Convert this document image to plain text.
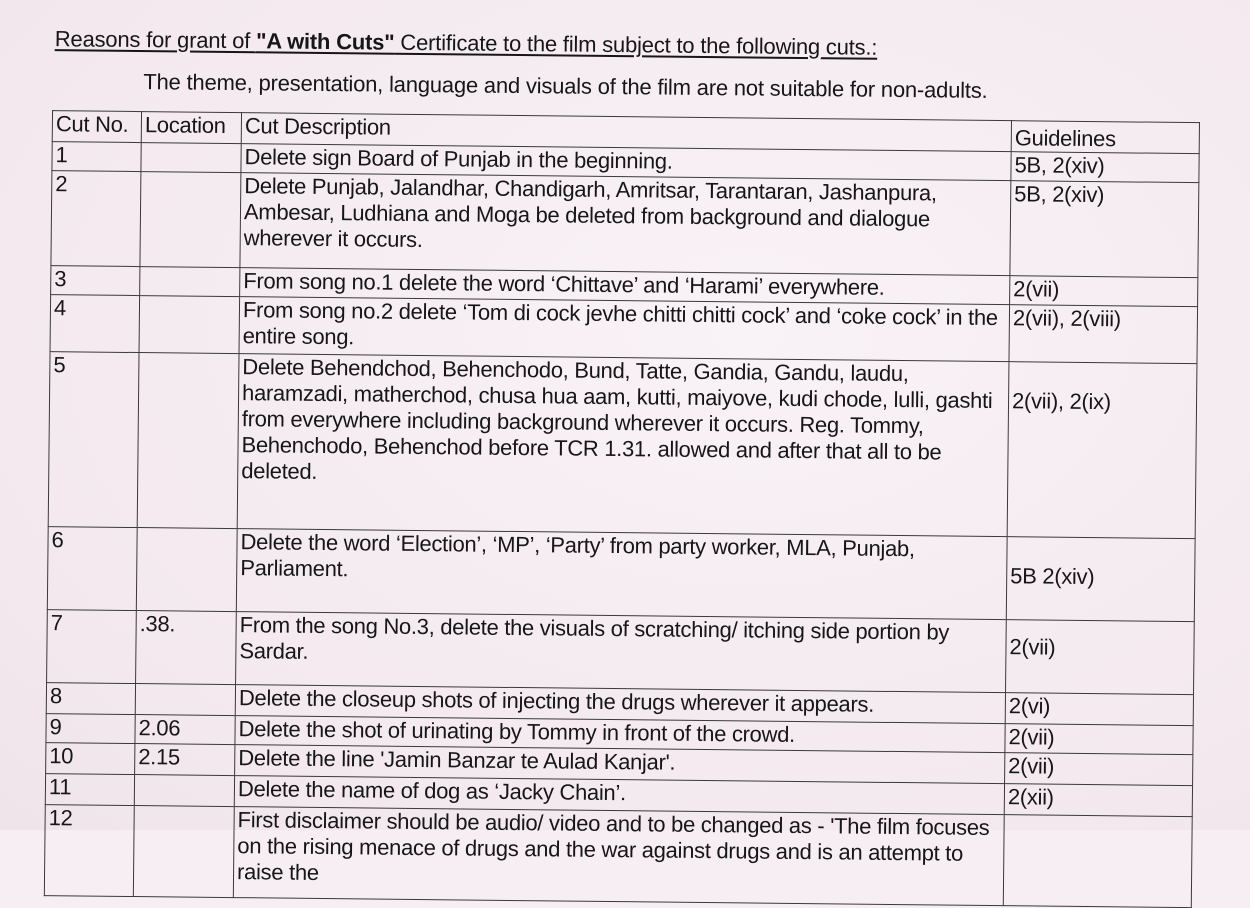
Reasons for grant of "A with Cuts" Certificate to the film subject to the following cuts.:
The theme, presentation, language and visuals of the film are not suitable for non-adults.
Cut No.	Location	Cut Description	Guidelines
1		Delete sign Board of Punjab in the beginning.	5B, 2(xiv)
2		Delete Punjab, Jalandhar, Chandigarh, Amritsar, Tarantaran, Jashanpura, Ambesar, Ludhiana and Moga be deleted from background and dialogue wherever it occurs.	5B, 2(xiv)
3		From song no.1 delete the word ‘Chittave’ and ‘Harami’ everywhere.	2(vii)
4		From song no.2 delete ‘Tom di cock jevhe chitti chitti cock’ and ‘coke cock’ in the entire song.	2(vii), 2(viii)
5		Delete Behendchod, Behenchodo, Bund, Tatte, Gandia, Gandu, laudu, haramzadi, matherchod, chusa hua aam, kutti, maiyove, kudi chode, lulli, gashti from everywhere including background wherever it occurs. Reg. Tommy, Behenchodo, Behenchod before TCR 1.31. allowed and after that all to be deleted.	2(vii), 2(ix)
6		Delete the word ‘Election’, ‘MP’, ‘Party’ from party worker, MLA, Punjab, Parliament.	5B 2(xiv)
7	.38.	From the song No.3, delete the visuals of scratching/ itching side portion by Sardar.	2(vii)
8		Delete the closeup shots of injecting the drugs wherever it appears.	2(vi)
9	2.06	Delete the shot of urinating by Tommy in front of the crowd.	2(vii)
10	2.15	Delete the line 'Jamin Banzar te Aulad Kanjar'.	2(vii)
11		Delete the name of dog as ‘Jacky Chain’.	2(xii)
12		First disclaimer should be audio/ video and to be changed as - 'The film focuses on the rising menace of drugs and the war against drugs and is an attempt to raise the	
